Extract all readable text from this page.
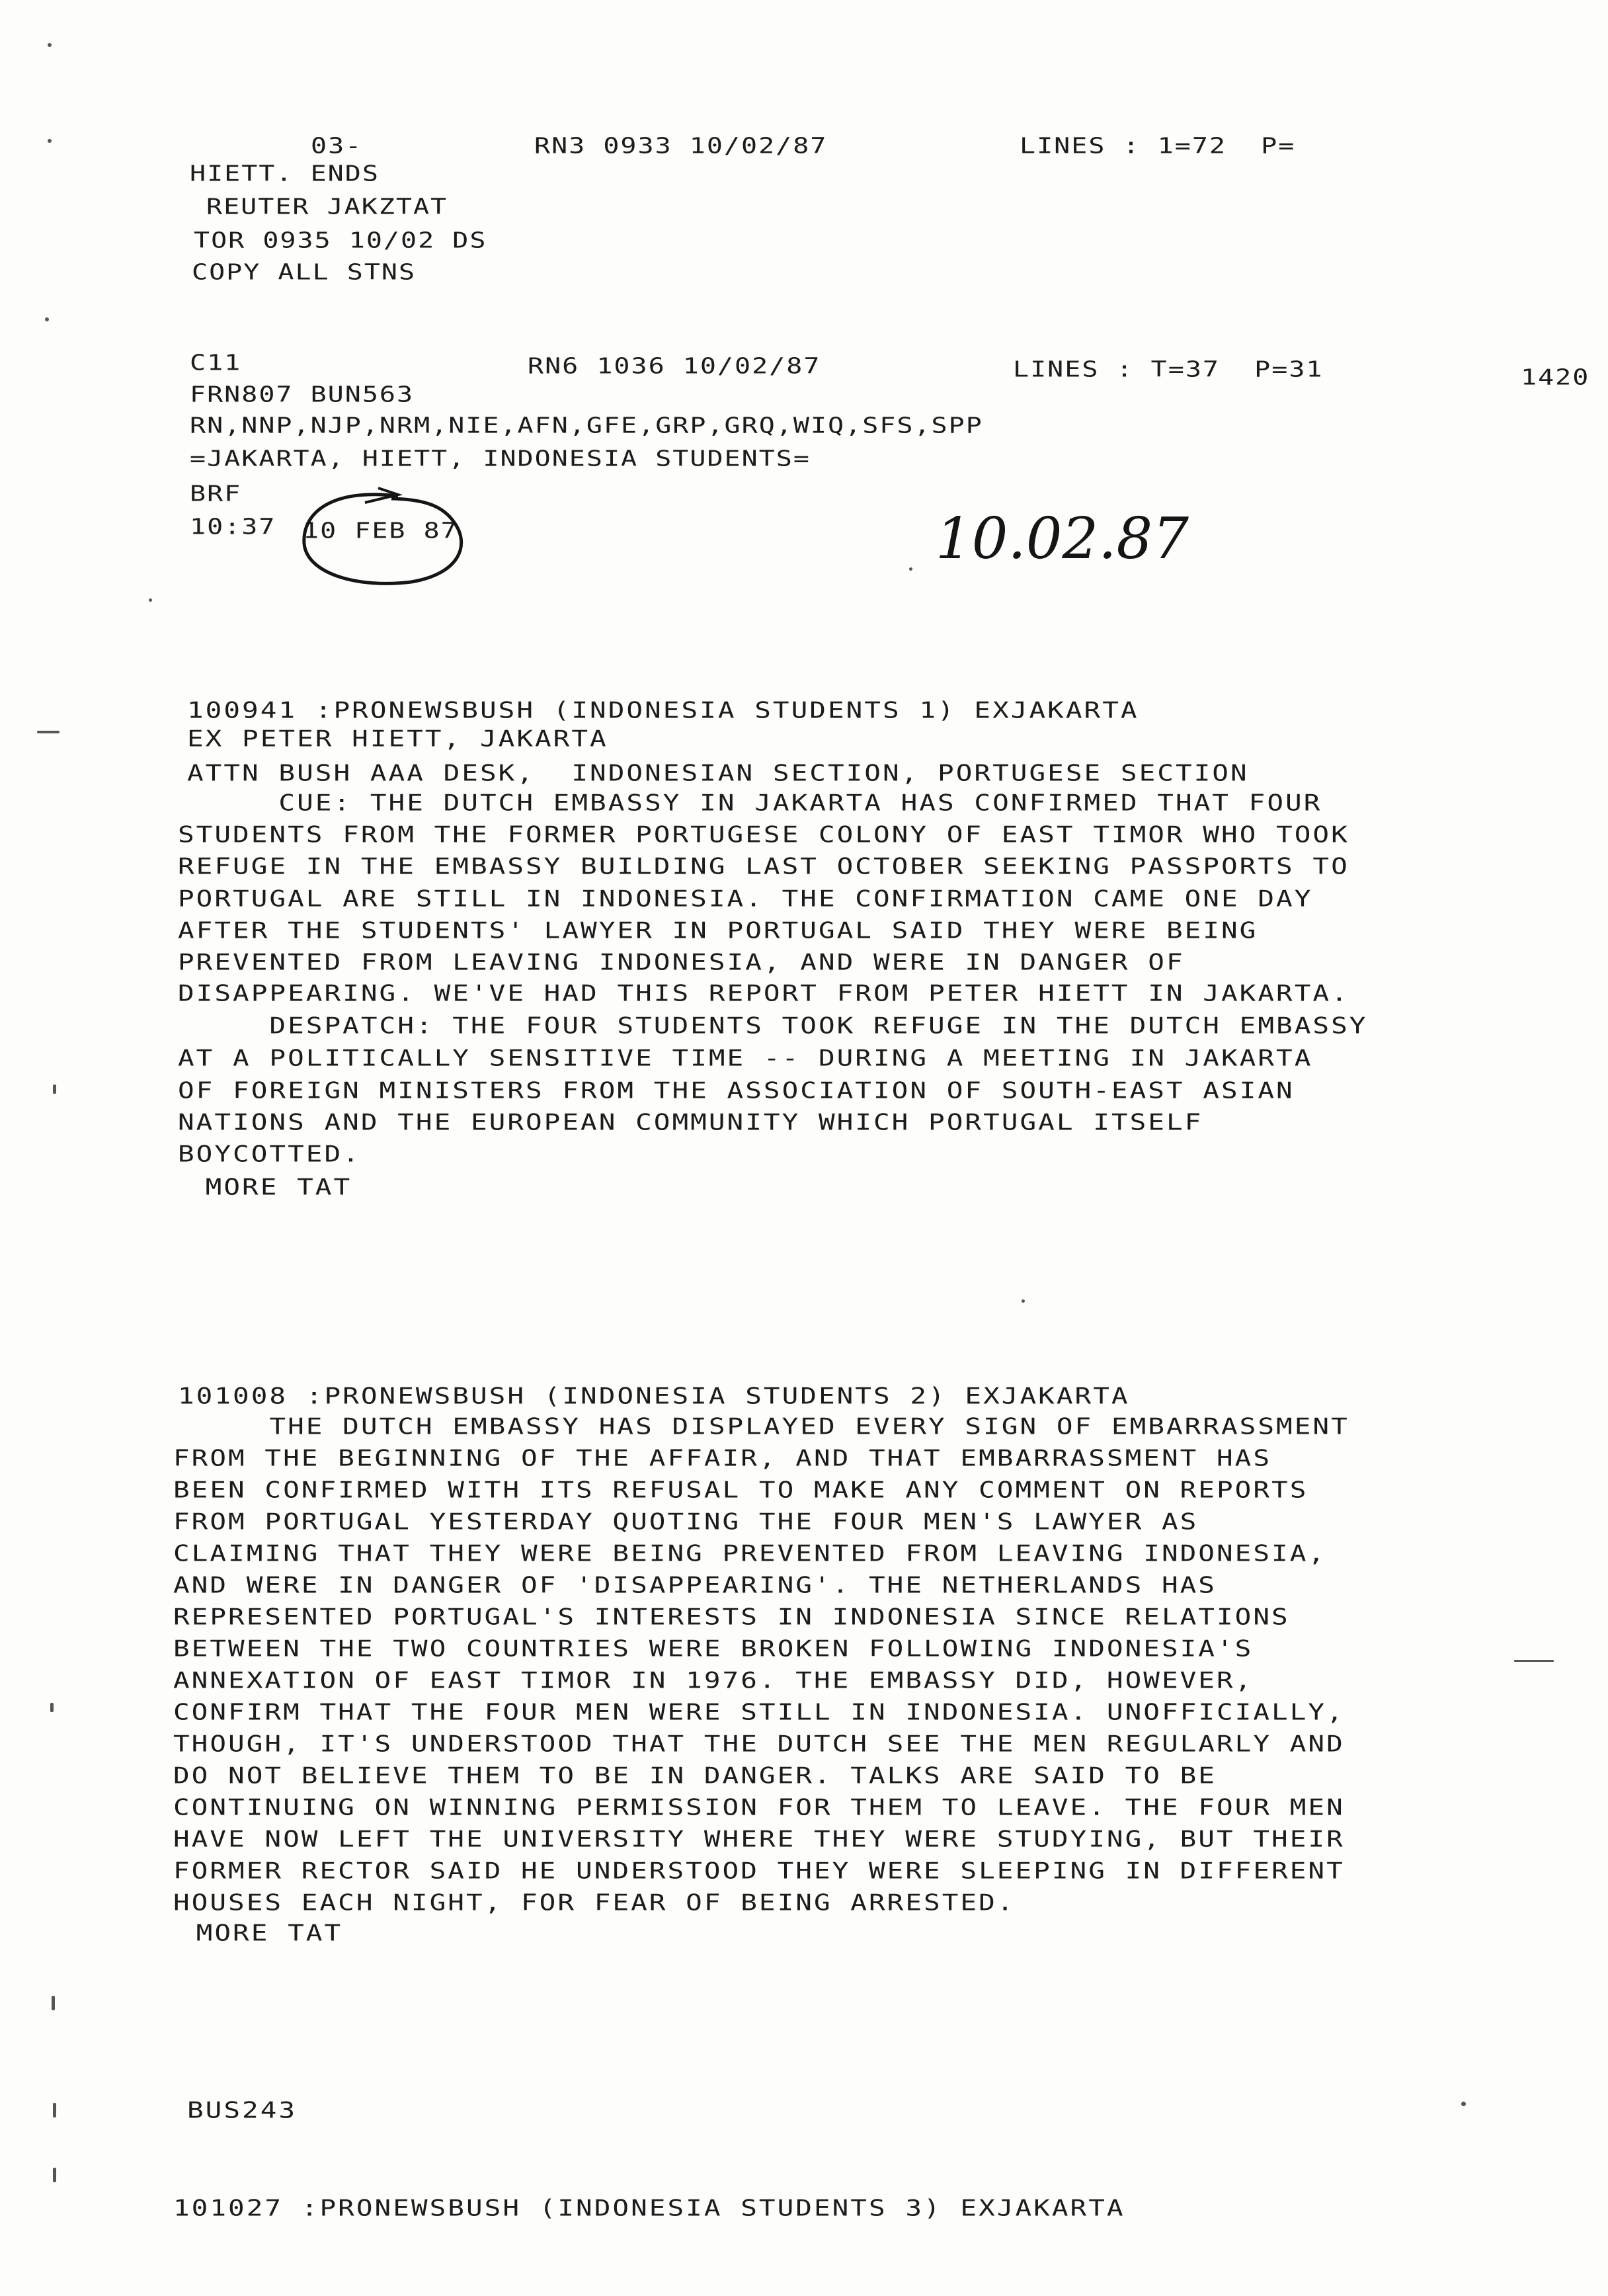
03-	RN3 0933 10/02/87	LINES : 1=72  P=
HIETT. ENDS
REUTER JAKZTAT
TOR 0935 10/02 DS
COPY ALL STNS
C11	RN6 1036 10/02/87	LINES : T=37  P=31	1420
FRN807 BUN563
RN,NNP,NJP,NRM,NIE,AFN,GFE,GRP,GRQ,WIQ,SFS,SPP
=JAKARTA, HIETT, INDONESIA STUDENTS=
BRF
10:37 10 FEB 87	10.02.87
100941 :PRONEWSBUSH (INDONESIA STUDENTS 1) EXJAKARTA
EX PETER HIETT, JAKARTA
ATTN BUSH AAA DESK,  INDONESIAN SECTION, PORTUGESE SECTION
CUE: THE DUTCH EMBASSY IN JAKARTA HAS CONFIRMED THAT FOUR
STUDENTS FROM THE FORMER PORTUGESE COLONY OF EAST TIMOR WHO TOOK
REFUGE IN THE EMBASSY BUILDING LAST OCTOBER SEEKING PASSPORTS TO
PORTUGAL ARE STILL IN INDONESIA. THE CONFIRMATION CAME ONE DAY
AFTER THE STUDENTS' LAWYER IN PORTUGAL SAID THEY WERE BEING
PREVENTED FROM LEAVING INDONESIA, AND WERE IN DANGER OF
DISAPPEARING. WE'VE HAD THIS REPORT FROM PETER HIETT IN JAKARTA.
DESPATCH: THE FOUR STUDENTS TOOK REFUGE IN THE DUTCH EMBASSY
AT A POLITICALLY SENSITIVE TIME -- DURING A MEETING IN JAKARTA
OF FOREIGN MINISTERS FROM THE ASSOCIATION OF SOUTH-EAST ASIAN
NATIONS AND THE EUROPEAN COMMUNITY WHICH PORTUGAL ITSELF
BOYCOTTED.
MORE TAT
101008 :PRONEWSBUSH (INDONESIA STUDENTS 2) EXJAKARTA
THE DUTCH EMBASSY HAS DISPLAYED EVERY SIGN OF EMBARRASSMENT
FROM THE BEGINNING OF THE AFFAIR, AND THAT EMBARRASSMENT HAS
BEEN CONFIRMED WITH ITS REFUSAL TO MAKE ANY COMMENT ON REPORTS
FROM PORTUGAL YESTERDAY QUOTING THE FOUR MEN'S LAWYER AS
CLAIMING THAT THEY WERE BEING PREVENTED FROM LEAVING INDONESIA,
AND WERE IN DANGER OF 'DISAPPEARING'. THE NETHERLANDS HAS
REPRESENTED PORTUGAL'S INTERESTS IN INDONESIA SINCE RELATIONS
BETWEEN THE TWO COUNTRIES WERE BROKEN FOLLOWING INDONESIA'S
ANNEXATION OF EAST TIMOR IN 1976. THE EMBASSY DID, HOWEVER,
CONFIRM THAT THE FOUR MEN WERE STILL IN INDONESIA. UNOFFICIALLY,
THOUGH, IT'S UNDERSTOOD THAT THE DUTCH SEE THE MEN REGULARLY AND
DO NOT BELIEVE THEM TO BE IN DANGER. TALKS ARE SAID TO BE
CONTINUING ON WINNING PERMISSION FOR THEM TO LEAVE. THE FOUR MEN
HAVE NOW LEFT THE UNIVERSITY WHERE THEY WERE STUDYING, BUT THEIR
FORMER RECTOR SAID HE UNDERSTOOD THEY WERE SLEEPING IN DIFFERENT
HOUSES EACH NIGHT, FOR FEAR OF BEING ARRESTED.
MORE TAT
BUS243
101027 :PRONEWSBUSH (INDONESIA STUDENTS 3) EXJAKARTA
